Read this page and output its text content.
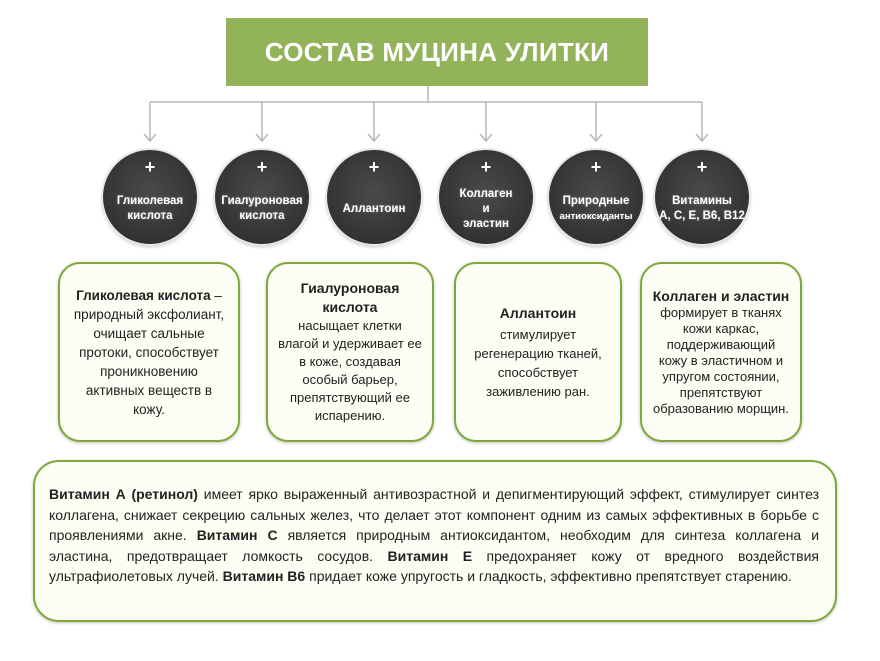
СОСТАВ МУЦИНА УЛИТКИ
+
Гликолевая
кислота
+
Гиалуроновая
кислота
+
Аллантоин
+
Коллаген
и
эластин
+
Природные
антиоксиданты
+
Витамины
А, С, Е, В6, В12
Гликолевая кислота – природный эксфолиант, очищает сальные протоки, способствует проникновению активных веществ в кожу.
Гиалуроновая кислота
насыщает клетки влагой и удерживает ее в коже, создавая особый барьер, препятствующий ее испарению.
Аллантоин
стимулирует регенерацию тканей, способствует заживлению ран.
Коллаген и эластин
формирует в тканях кожи каркас, поддерживающий кожу в эластичном и упругом состоянии, препятствуют образованию морщин.
Витамин А (ретинол) имеет ярко выраженный антивозрастной и депигментирующий эффект, стимулирует синтез коллагена, снижает секрецию сальных желез, что делает этот компонент одним из самых эффективных в борьбе с проявлениями акне. Витамин С является природным антиоксидантом, необходим для синтеза коллагена и эластина, предотвращает ломкость сосудов. Витамин Е предохраняет кожу от вредного воздействия ультрафиолетовых лучей. Витамин В6 придает коже упругость и гладкость, эффективно препятствует старению.
